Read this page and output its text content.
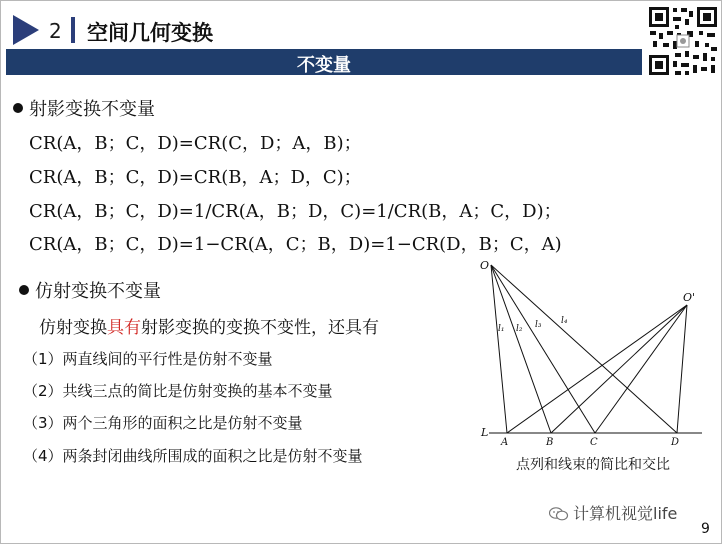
2 空间几何变换
不变量
射影变换不变量
CR(A，B；C，D)=CR(C，D；A，B)；
CR(A，B；C，D)=CR(B，A；D，C)；
CR(A，B；C，D)=1/CR(A，B；D，C)=1/CR(B，A；C，D)；
CR(A，B；C，D)=1−CR(A，C；B，D)=1−CR(D，B；C，A)
仿射变换不变量
仿射变换具有射影变换的变换不变性，还具有
（1）两直线间的平行性是仿射不变量
（2）共线三点的简比是仿射变换的基本不变量
（3）两个三角形的面积之比是仿射不变量
（4）两条封闭曲线所围成的面积之比是仿射不变量
O
O'
L
A	B	C	D
l₁ l₂ l₃ l₄
点列和线束的简比和交比
计算机视觉life
9
